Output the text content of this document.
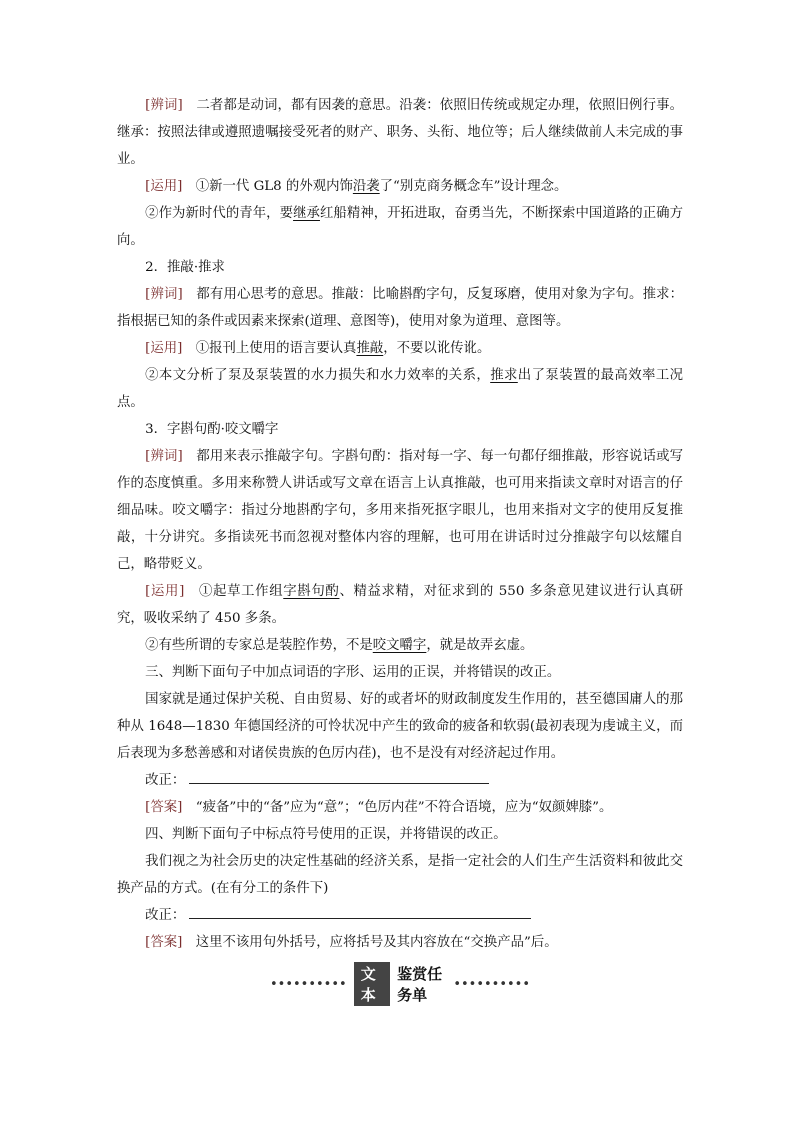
[辨词]　 二者都是动词，都有因袭的意思。沿袭：依照旧传统或规定办理，依照旧例行事。继承：按照法律或遵照遗嘱接受死者的财产、职务、头衔、地位等；后人继续做前人未完成的事业。

[运用]　 ①新一代 GL8 的外观内饰沿袭了“别克商务概念车”设计理念。

②作为新时代的青年，要继承红船精神，开拓进取，奋勇当先，不断探索中国道路的正确方向。

2．推敲·推求

[辨词]　 都有用心思考的意思。推敲：比喻斟酌字句，反复琢磨，使用对象为字句。推求：指根据已知的条件或因素来探索(道理、意图等)，使用对象为道理、意图等。

[运用]　 ①报刊上使用的语言要认真推敲，不要以讹传讹。

②本文分析了泵及泵装置的水力损失和水力效率的关系，推求出了泵装置的最高效率工况点。

3．字斟句酌·咬文嚼字

[辨词]　 都用来表示推敲字句。字斟句酌：指对每一字、每一句都仔细推敲，形容说话或写作的态度慎重。多用来称赞人讲话或写文章在语言上认真推敲，也可用来指读文章时对语言的仔细品味。咬文嚼字：指过分地斟酌字句，多用来指死抠字眼儿，也用来指对文字的使用反复推敲，十分讲究。多指读死书而忽视对整体内容的理解，也可用在讲话时过分推敲字句以炫耀自己，略带贬义。

[运用]　 ①起草工作组字斟句酌、精益求精，对征求到的 550 多条意见建议进行认真研究，吸收采纳了 450 多条。

②有些所谓的专家总是装腔作势，不是咬文嚼字，就是故弄玄虚。

三、判断下面句子中加点词语的字形、运用的正误，并将错误的改正。

国家就是通过保护关税、自由贸易、好的或者坏的财政制度发生作用的，甚至德国庸人的那种从 1648—1830 年德国经济的可怜状况中产生的致命的疲备和软弱(最初表现为虔诚主义，而后表现为多愁善感和对诸侯贵族的色厉内荏)，也不是没有对经济起过作用。

改正：

[答案]　 “疲备”中的“备”应为“意”；“色厉内荏”不符合语境，应为“奴颜婢膝”。

四、判断下面句子中标点符号使用的正误，并将错误的改正。

我们视之为社会历史的决定性基础的经济关系，是指一定社会的人们生产生活资料和彼此交换产品的方式。(在有分工的条件下)

改正：

[答案]　 这里不该用句外括号，应将括号及其内容放在“交换产品”后。

••••••••••
文本
鉴赏任务单
••••••••••
